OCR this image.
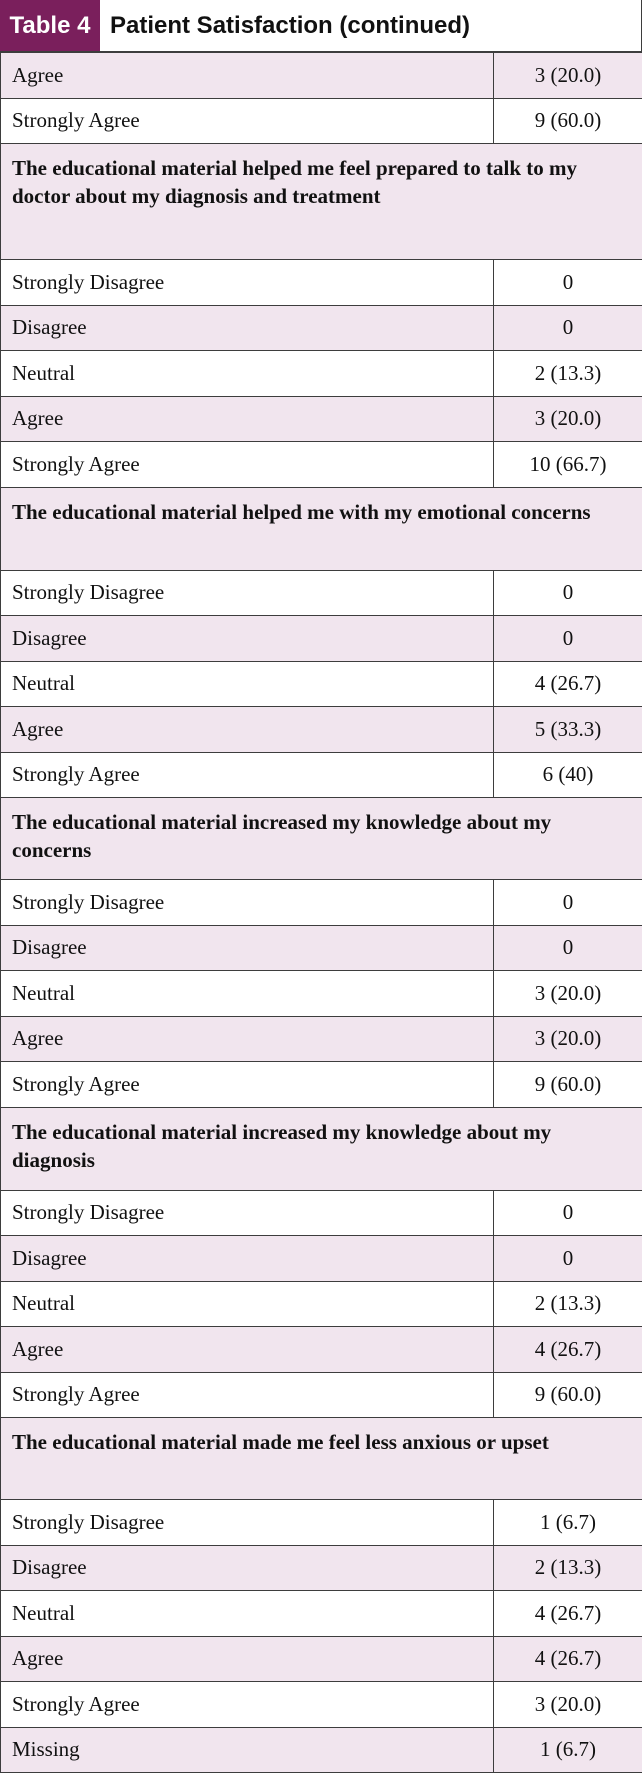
Table 4 Patient Satisfaction (continued)
Agree	3 (20.0)
Strongly Agree	9 (60.0)
The educational material helped me feel prepared to talk to my doctor about my diagnosis and treatment	
Strongly Disagree	0
Disagree	0
Neutral	2 (13.3)
Agree	3 (20.0)
Strongly Agree	10 (66.7)
The educational material helped me with my emotional concerns	
Strongly Disagree	0
Disagree	0
Neutral	4 (26.7)
Agree	5 (33.3)
Strongly Agree	6 (40)
The educational material increased my knowledge about my concerns	
Strongly Disagree	0
Disagree	0
Neutral	3 (20.0)
Agree	3 (20.0)
Strongly Agree	9 (60.0)
The educational material increased my knowledge about my diagnosis	
Strongly Disagree	0
Disagree	0
Neutral	2 (13.3)
Agree	4 (26.7)
Strongly Agree	9 (60.0)
The educational material made me feel less anxious or upset	
Strongly Disagree	1 (6.7)
Disagree	2 (13.3)
Neutral	4 (26.7)
Agree	4 (26.7)
Strongly Agree	3 (20.0)
Missing	1 (6.7)
